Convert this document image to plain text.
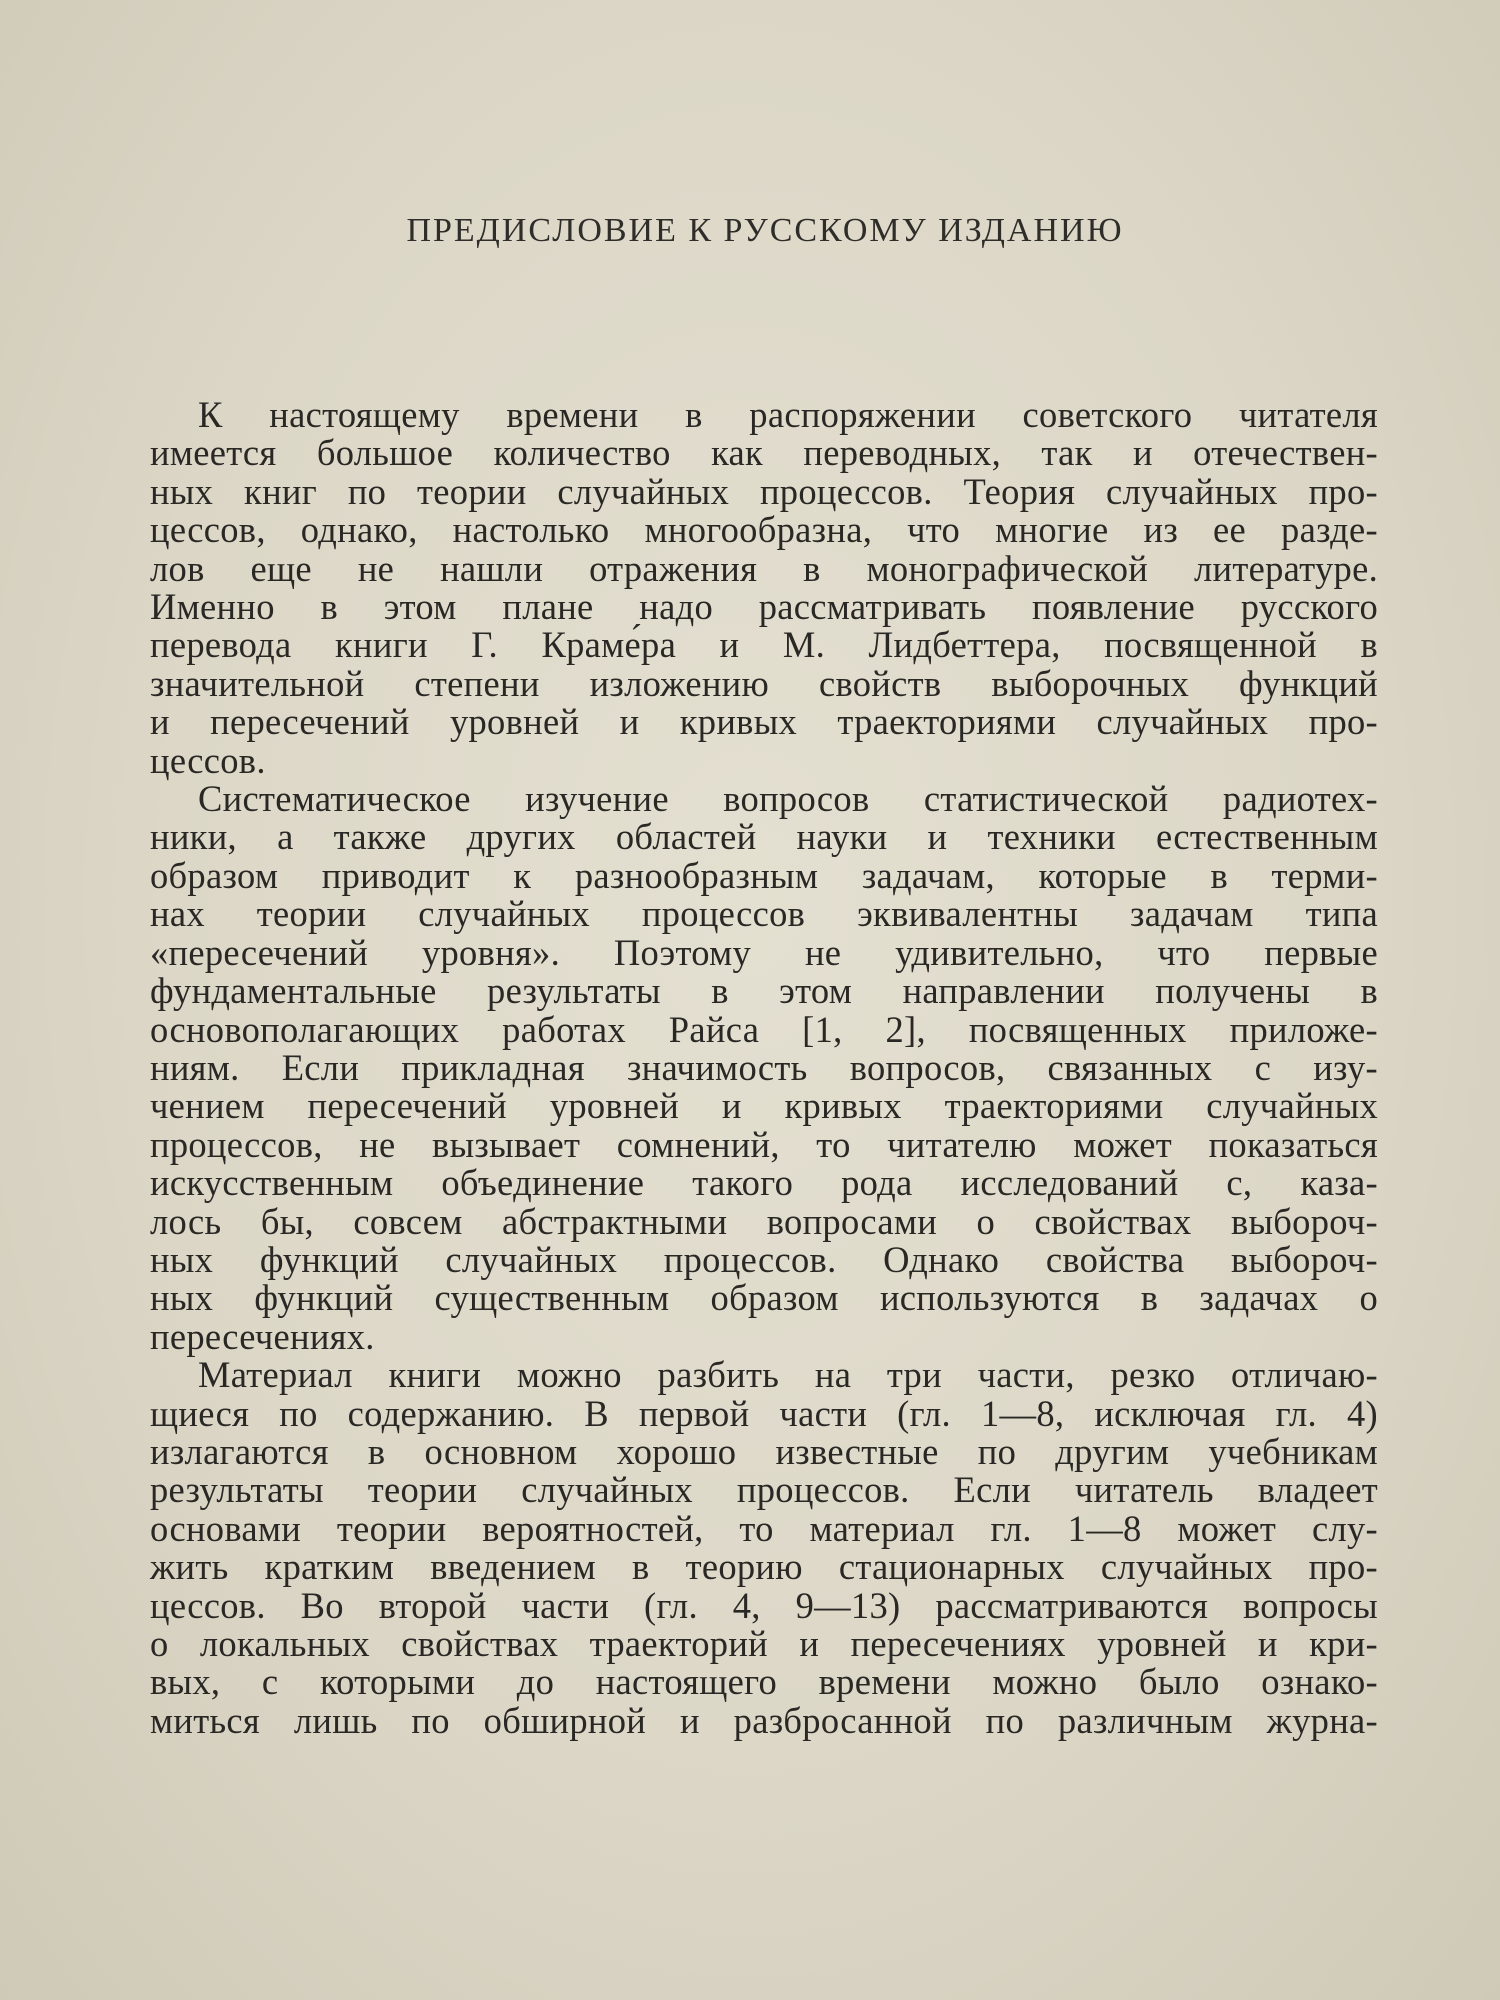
ПРЕДИСЛОВИЕ К РУССКОМУ ИЗДАНИЮ
К настоящему времени в распоряжении советского читателя
имеется большое количество как переводных, так и отечествен-
ных книг по теории случайных процессов. Теория случайных про-
цессов, однако, настолько многообразна, что многие из ее разде-
лов еще не нашли отражения в монографической литературе.
Именно в этом плане надо рассматривать появление русского
перевода книги Г. Краме́ра и М. Лидбеттера, посвященной в
значительной степени изложению свойств выборочных функций
и пересечений уровней и кривых траекториями случайных про-
цессов.
Систематическое изучение вопросов статистической радиотех-
ники, а также других областей науки и техники естественным
образом приводит к разнообразным задачам, которые в терми-
нах теории случайных процессов эквивалентны задачам типа
«пересечений уровня». Поэтому не удивительно, что первые
фундаментальные результаты в этом направлении получены в
основополагающих работах Райса [1, 2], посвященных приложе-
ниям. Если прикладная значимость вопросов, связанных с изу-
чением пересечений уровней и кривых траекториями случайных
процессов, не вызывает сомнений, то читателю может показаться
искусственным объединение такого рода исследований с, каза-
лось бы, совсем абстрактными вопросами о свойствах выбороч-
ных функций случайных процессов. Однако свойства выбороч-
ных функций существенным образом используются в задачах о
пересечениях.
Материал книги можно разбить на три части, резко отличаю-
щиеся по содержанию. В первой части (гл. 1—8, исключая гл. 4)
излагаются в основном хорошо известные по другим учебникам
результаты теории случайных процессов. Если читатель владеет
основами теории вероятностей, то материал гл. 1—8 может слу-
жить кратким введением в теорию стационарных случайных про-
цессов. Во второй части (гл. 4, 9—13) рассматриваются вопросы
о локальных свойствах траекторий и пересечениях уровней и кри-
вых, с которыми до настоящего времени можно было ознако-
миться лишь по обширной и разбросанной по различным журна-
